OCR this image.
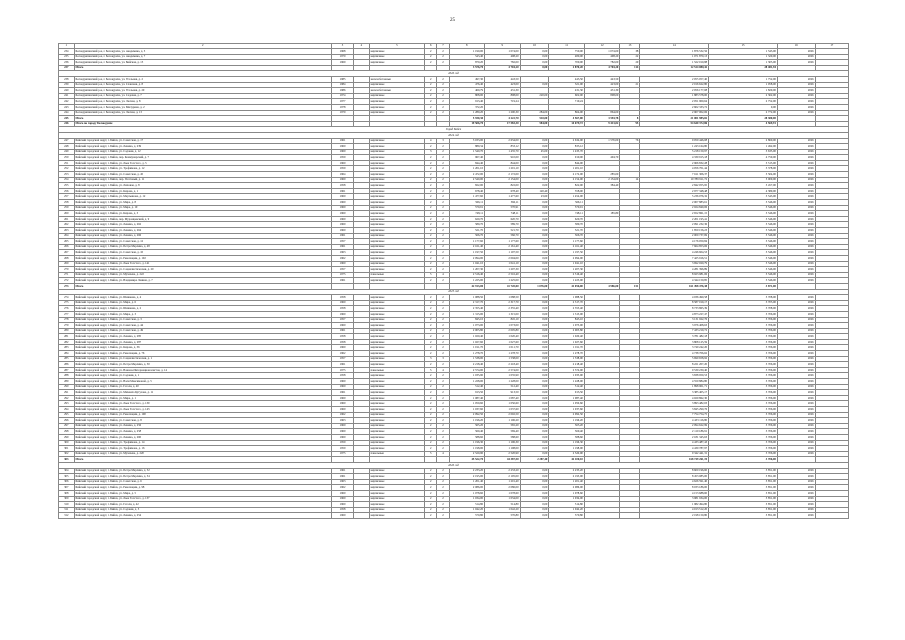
25
1	2	3	4	5	6	7	8	9	10	11	12	13	14	15	16	17
234	Белокурихинский р-н, г. Белокуриха, ул. Академика, д. 5	1968		кирпичные	2	2	1 190,00	1 074,00	0,00	750,00	1 074,00	38	1 876 532,56	1 543,00	2026	
235	Белокурихинский р-н, г. Белокуриха, ул. Академика, д. 7	1970		кирпичные	2	2	543,40	498,20	0,00	480,00	498,20	22	1 071 870,13	1 320,00	2026	
236	Белокурихинский р-н, г. Белокуриха, ул. Бийская, д. 15	1969		кирпичные	2	2	870,20	782,00	0,00	700,00	782,00	29	1 522 010,88	1 305,00	2026	
237	Итого						3 576,70	4 704,20	0,00	2 870,20	4 704,20	114	12 514 080,42	28 481,94		
2026 год																
238	Белокурихинский р-н, г. Белокуриха, ул. Угольная, д. 2	1985		железобетонные	2	2	497,30	443,50		443,50	443,50		2 055 057,40	1 752,00	2026	
239	Белокурихинский р-н, г. Белокуриха, ул. Славская, д. 8	1984		кирпичные	2	2	476,40	423,00	0,00	321,00	423,00	21	2 016 622,80	1 958,00	2026	
240	Белокурихинский р-н, г. Белокуриха, ул. Угольная, д. 20	1986		железобетонные	2	2	469,79	431,30		431,30	431,30		2 056 177,08	1 829,00	2026	
241	Белокурихинский р-н, г. Белокуриха, ул. Садовая, д. 7	1974		кирпичные	2	2	808,00	808,00	220,00	602,00	808,00		1 883 578,00	2 362,00	2026	
242	Белокурихинский р-н, г. Белокуриха, ул. Лесная, д. 8	1977		кирпичные	2	2	913,40	719,24		719,24			2 051 900,64	2 752,00	2026	
243	Белокурихинский р-н, г. Белокуриха, ул. Мичурина, д. 2	1978		кирпичные	2	2	372,20						2 602 333,72	0,00	2026	
244	Белокурихинский р-н, г. Белокуриха, ул. Лесная, д. 13	1979		кирпичные	2	2	1 280,20	1 200,30	284,00	864,00	864,00		2 907 002,06	2 772,00	2026	
245	Итого						5 930,30	4 222,70	510,00	4 567,00	3 594,78	8	21 001 985,82	28 380,00		
246	Итого по городу Белокурихе						19 506,70	17 583,30	584,00	14 679,72	9 413,02	95	54 640 372,86	4 569,91		
Город Бийск																
2024 год																
247	Бийский городской округ, г. Бийск, ул. Советская, д. 17	1961		кирпичные	4	3	3 033,00	2 634,00	0,00	2 634,00	1 576,00	76	9 059 446,08	2 860,00	2026	
248	Бийский городской округ, г. Бийск, ул. Ленина, д. 239	1960		кирпичные	2	2	889,34	833,12	0,00	833,12			1 243 164,80	1 492,00	2026	
249	Бийский городской округ, г. Бийск, ул. Садовая, д. 12	1960		кирпичные	3	2	1 540,70	1 435,70	45,00	1 435,70			5 218 150,97	3 635,00	2026	
250	Бийский городской округ, г. Бийск, пер. Коммунарский, д. 7	1959		кирпичные	2	2	967,40	910,00	0,00	910,00	494,70		4 330 915,18	4 759,00	2026	
251	Бийский городской округ, г. Бийск, ул. Льва Толстого, д. 5	1960		кирпичные	2	2	844,40	844,00	0,00	844,00			2 966 832,28	3 515,00	2026	
252	Бийский городской округ, г. Бийск, ул. Трофимова, д. 12	1959		кирпичные	2	2	1 201,10	1 201,10	0,00	1 201,10			4 056 701,44	3 378,00	2026	
253	Бийский городской округ, г. Бийск, ул. Советская, д. 45	1964		кирпичные	2	2	2 472,00	2 172,00	0,00	2 172,00	285,00		7 611 306,37	3 504,00	2026	
254	Бийский городской округ, г. Бийск, пер. Почтовый, д. 11	1960		кирпичные	2	2	2 540,00	2 154,00	0,00	2 154,00	2 154,00	14	10 789 911,72	5 009,00	2026	
255	Бийский городской округ, г. Бийск, ул. Липовая, д. 8	1958		кирпичные	2	2	822,00	822,00	0,00	822,00	384,40		2 842 055,95	3 457,00	2026	
256	Бийский городской округ, г. Бийск, ул. Кирова, д. 1	1961		кирпичные	2	2	678,40	678,40	120,40	558,00			2 977 348,48	4 389,00	2026	
257	Бийский городской округ, г. Бийск, ул. Мартьянова, д. 12	1960		кирпичные	2	2	1 477,60	1 477,60	23,60	1 454,00			5 236 076,32	3 543,00	2026	
258	Бийский городской округ, г. Бийск, ул. Мира, д. 8	1960		кирпичные	2	2	566,11	566,11	0,00	566,11			2 007 883,61	3 546,00	2026	
259	Бийский городской округ, г. Бийск, ул. Мира, д. 10	1960		кирпичные	2	2	570,91	570,91	0,00	570,91			2 024 849,06	3 546,00	2026	
260	Бийский городской округ, г. Бийск, ул. Кирова, д. 3	1960		кирпичные	2	2	748,11	748,11	0,00	748,11	185,80		2 652 861,15	3 546,00	2026	
261	Бийский городской округ, г. Бийск, пер. Муромцевский, д. 9	1960		кирпичные	2	2	620,70	620,70	0,00	620,70			2 201 195,41	3 546,00	2026	
262	Бийский городской округ, г. Бийск, ул. Ленина, д. 262	1960		кирпичные	2	2	589,70	589,70	0,00	589,70			2 091 232,36	3 546,00	2026	
263	Бийский городской округ, г. Бийск, ул. Ленина, д. 264	1960		кирпичные	2	2	521,70	521,70	0,00	521,70			1 850 156,23	3 546,00	2026	
264	Бийский городской округ, г. Бийск, ул. Ленина, д. 266	1961		кирпичные	2	2	566,70	566,70	0,00	566,70			2 009 737,69	3 546,00	2026	
265	Бийский городской округ, г. Бийск, ул. Советская, д. 12	1957		кирпичные	2	2	1 177,60	1 177,60	0,00	1 177,60			4 176 050,84	3 546,00	2026	
266	Бийский городской округ, г. Бийск, ул. Петра Мерлина, д. 48	1961		кирпичные	2	2	2 161,40	2 161,40	0,00	2 161,40			7 664 853,06	3 546,00	2026	
267	Бийский городской округ, г. Бийск, ул. Советская, д. 10	1963		кирпичные	2	2	1 197,50	1 197,50	0,00	1 197,50			4 246 604,53	3 546,00	2026	
268	Бийский городской округ, г. Бийск, ул. Революции, д. 102	1962		кирпичные	2	2	2 094,00	2 094,00	0,00	2 094,00			7 425 916,51	3 546,00	2026	
269	Бийский городской округ, г. Бийск, ул. Льва Толстого, д. 141	1960		кирпичные	2	2	1 041,10	1 041,10	0,00	1 041,10			3 692 020,79	3 546,00	2026	
270	Бийский городской округ, г. Бийск, ул. Социалистическая, д. 20	1957		кирпичные	2	2	1 207,30	1 207,30	0,00	1 207,30			4 281 396,89	3 546,00	2026	
271	Бийский городской округ, г. Бийск, ул. Мухачева, д. 222	1975		панельные	5	4	2 516,40	2 516,40	0,00	2 516,40			8 923 981,06	3 546,00	2026	
272	Бийский городской округ, г. Бийск, ул. Владимира Ленина, д. 7	1961		кирпичные	2	2	1 225,00	1 225,00	0,00	1 225,00			4 344 150,85	3 546,00	2026	
273	Итого						42 913,00	41 720,00	1 076,00	41 056,00	4 986,00	151	161 498 476,38	3 871,00		
2025 год																
274	Бийский городской округ, г. Бийск, ул. Шишкова, д. 4	1958		кирпичные	2	2	1 088,50	1 088,50	0,00	1 088,50			4 036 499,58	3 708,00	2026	
275	Бийский городской округ, г. Бийск, ул. Мира, д. 6	1960		кирпичные	2	2	2 317,70	2 317,70	0,00	2 317,70			8 587 019,17	3 705,00	2026	
276	Бийский городской округ, г. Бийск, ул. Шишкова, д. 2	1958		кирпичные	2	2	2 355,40	2 355,40	0,00	2 355,40			8 733 865,39	3 708,00	2026	
277	Бийский городской округ, г. Бийск, ул. Мира, д. 3	1960		кирпичные	2	2	1 315,00	1 315,00	0,00	1 315,00			4 873 227,47	3 706,00	2026	
278	Бийский городской округ, г. Бийск, ул. Советская, д. 3	1957		кирпичные	2	2	845,10	845,10	0,00	845,10			3 131 922,76	3 706,00	2026	
279	Бийский городской округ, г. Бийск, ул. Советская, д. 44	1960		кирпичные	2	2	1 073,00	1 073,00	0,00	1 073,00			3 976 408,63	3 706,00	2026	
280	Бийский городской округ, г. Бийск, ул. Советская, д. 49	1961		кирпичные	2	2	2 005,80	2 005,80	0,00	2 005,80			7 433 219,72	3 706,00	2026	
281	Бийский городской округ, г. Бийск, ул. Ленина, д. 285	1958		кирпичные	2	2	1 020,40	1 020,40	0,00	1 020,40			3 781 482,18	3 706,00	2026	
282	Бийский городской округ, г. Бийск, ул. Ленина, д. 287	1958		кирпичные	2	2	1 027,60	1 027,60	0,00	1 027,60			3 808 125,59	3 706,00	2026	
283	Бийский городской округ, г. Бийск, ул. Кирова, д. 36	1960		кирпичные	2	2	1 011,70	1 011,70	0,00	1 011,70			3 749 242,20	3 706,00	2026	
284	Бийский городской округ, г. Бийск, ул. Революции, д. 76	1962		кирпичные	2	2	1 278,70	1 278,70	0,00	1 278,70			4 738 706,62	3 706,00	2026	
285	Бийский городской округ, г. Бийск, ул. Социалистическая, д. 1	1957		кирпичные	3	3	1 538,00	1 538,00	0,00	1 538,00			5 699 658,92	3 706,00	2026	
286	Бийский городской округ, г. Бийск, ул. Петра Мерлина, д. 50	1961		кирпичные	2	2	2 218,40	2 218,40	0,00	2 218,40			8 221 207,20	3 706,00	2026	
287	Бийский городской округ, г. Бийск, ул. Воинов-Интернационалистов, д. 14	1975		панельные	5	4	2 574,00	2 574,00	0,00	2 574,00			9 539 230,40	3 706,00	2026	
288	Бийский городской округ, г. Бийск, ул. Садовая, д. 1	1958		кирпичные	2	2	1 035,90	1 035,90	0,00	1 035,90			3 838 959,53	3 706,00	2026	
289	Бийский городской округ, г. Бийск, ул. Вали Максимовой, д. 5	1960		кирпичные	2	2	1 228,00	1 228,00	0,00	1 228,00			4 550 884,80	3 706,00	2026	
290	Бийский городской округ, г. Бийск, ул. Гоголя, д. 40	1960		кирпичные	2	2	512,40	512,40	0,00	512,40			1 898 901,71	3 706,00	2026	
291	Бийский городской округ, г. Бийск, ул. Михаила Кутузова, д. 11	1961		кирпичные	2	2	913,50	913,50	0,00	913,50			3 385 405,17	3 706,00	2026	
292	Бийский городской округ, г. Бийск, ул. Мира, д. 1	1960		кирпичные	2	2	1 087,40	1 087,40	0,00	1 087,40			4 029 862,30	3 706,00	2026	
293	Бийский городской округ, г. Бийск, ул. Льва Толстого, д. 139	1960		кирпичные	2	2	1 050,60	1 050,60	0,00	1 050,60			3 893 482,03	3 706,00	2026	
294	Бийский городской округ, г. Бийск, ул. Льва Толстого, д. 143	1960		кирпичные	2	2	1 037,60	1 037,60	0,00	1 037,60			3 845 290,76	3 706,00	2026	
295	Бийский городской округ, г. Бийск, ул. Революции, д. 100	1962		кирпичные	2	2	2 092,50	2 092,50	0,00	2 092,50			7 754 754,75	3 706,00	2026	
296	Бийский городской округ, г. Бийск, ул. Советская, д. 8	1963		кирпичные	2	2	1 196,20	1 196,20	0,00	1 196,20			4 433 116,80	3 706,00	2026	
297	Бийский городской округ, г. Бийск, ул. Ленина, д. 256	1960		кирпичные	2	2	565,20	565,20	0,00	565,20			2 094 622,99	3 706,00	2026	
298	Бийский городской округ, г. Бийск, ул. Ленина, д. 258	1960		кирпичные	2	2	569,40	569,40	0,00	569,40			2 110 186,91	3 706,00	2026	
299	Бийский городской округ, г. Бийск, ул. Ленина, д. 260	1960		кирпичные	2	2	588,60	588,60	0,00	588,60			2 181 345,63	3 706,00	2026	
300	Бийский городской округ, г. Бийск, ул. Трофимова, д. 14	1959		кирпичные	2	2	1 196,30	1 196,30	0,00	1 196,30			4 433 487,43	3 706,00	2026	
301	Бийский городской округ, г. Бийск, ул. Трофимова, д. 16	1959		кирпичные	2	2	1 198,00	1 198,00	0,00	1 198,00			4 439 787,97	3 706,00	2026	
302	Бийский городской округ, г. Бийск, ул. Мухачева, д. 220	1975		панельные	5	4	2 520,90	2 520,90	0,00	2 520,90			9 342 441,31	3 706,00	2026	
303	Итого						45 522,70	44 387,50	2 287,40	42 100,10			168 749 261,19	3 706,00		
2026 год																
304	Бийский городской округ, г. Бийск, ул. Петра Мерлина, д. 52	1961		кирпичные	2	2	2 233,20	2 233,20	0,00	2 233,20			8 600 196,60	3 851,00	2026	
305	Бийский городской округ, г. Бийск, ул. Петра Мерлина, д. 54	1961		кирпичные	2	2	2 195,00	2 195,00	0,00	2 195,00			8 453 085,00	3 851,00	2026	
306	Бийский городской округ, г. Бийск, ул. Советская, д. 6	1963		кирпичные	2	2	1 201,40	1 201,40	0,00	1 201,40			4 626 591,40	3 851,00	2026	
307	Бийский городской округ, г. Бийск, ул. Революции, д. 98	1962		кирпичные	2	2	2 086,00	2 086,00	0,00	2 086,00			8 033 186,00	3 851,00	2026	
308	Бийский городской округ, г. Бийск, ул. Мира, д. 5	1960		кирпичные	2	2	1 078,60	1 078,60	0,00	1 078,60			4 153 688,60	3 851,00	2026	
309	Бийский городской округ, г. Бийск, ул. Льва Толстого, д. 137	1960		кирпичные	2	2	1 034,00	1 034,00	0,00	1 034,00			3 981 934,00	3 851,00	2026	
310	Бийский городской округ, г. Бийск, ул. Гоголя, д. 42	1960		кирпичные	2	2	514,80	514,80	0,00	514,80			1 982 494,80	3 851,00	2026	
311	Бийский городской округ, г. Бийск, ул. Садовая, д. 3	1958		кирпичные	2	2	1 042,20	1 042,20	0,00	1 042,20			4 013 512,20	3 851,00	2026	
312	Бийский городской округ, г. Бийск, ул. Ленина, д. 254	1960		кирпичные	2	2	570,80	570,80	0,00	570,80			2 198 150,80	3 851,00	2026	
